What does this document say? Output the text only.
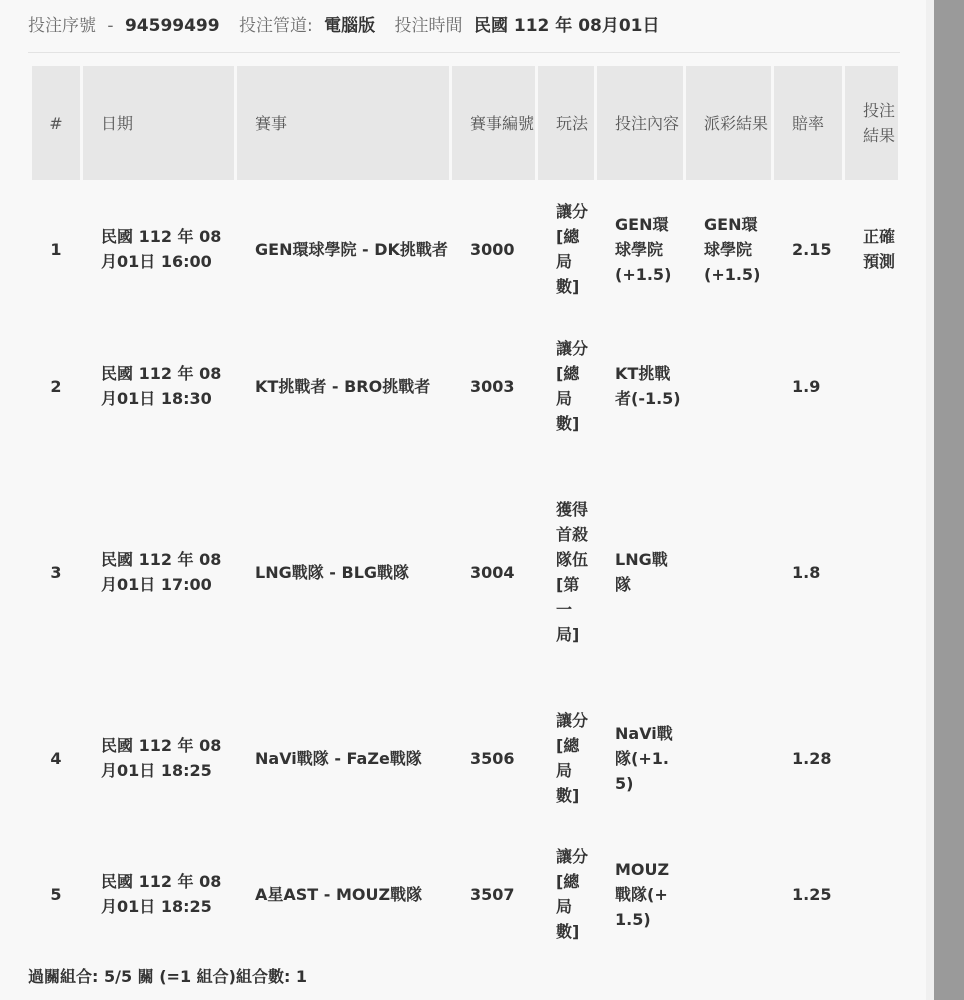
投注序號 - 94599499 投注管道: 電腦版 投注時間 民國 112 年 08月01日
#	日期	賽事	賽事編號	玩法	投注內容	派彩結果	賠率	投注結果
1	民國 112 年 08月01日 16:00	GEN環球學院 - DK挑戰者	3000	讓分[總局數]	GEN環球學院(+1.5)	GEN環球學院(+1.5)	2.15	正確預測
2	民國 112 年 08月01日 18:30	KT挑戰者 - BRO挑戰者	3003	讓分[總局數]	KT挑戰者(-1.5)		1.9	
3	民國 112 年 08月01日 17:00	LNG戰隊 - BLG戰隊	3004	獲得首殺隊伍[第一局]	LNG戰隊		1.8	
4	民國 112 年 08月01日 18:25	NaVi戰隊 - FaZe戰隊	3506	讓分[總局數]	NaVi戰隊(+1.5)		1.28	
5	民國 112 年 08月01日 18:25	A星AST - MOUZ戰隊	3507	讓分[總局數]	MOUZ戰隊(+1.5)		1.25	
過關組合: 5/5 關 (=1 組合)組合數: 1
